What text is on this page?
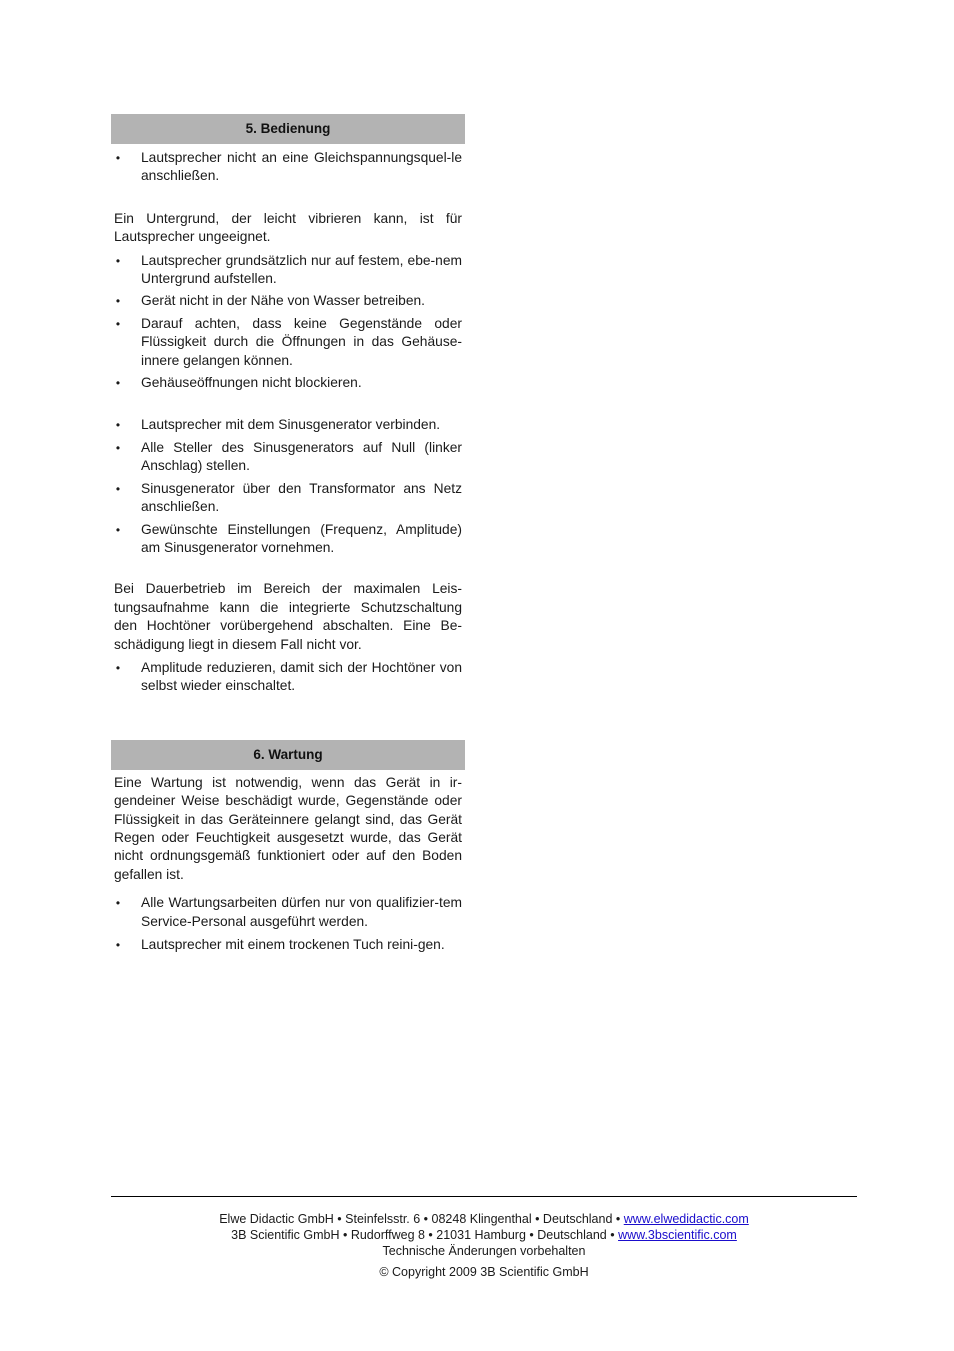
5. Bedienung
• Lautsprecher nicht an eine Gleichspannungsquel-le anschließen.

Ein Untergrund, der leicht vibrieren kann, ist für Lautsprecher ungeeignet.

• Lautsprecher grundsätzlich nur auf festem, ebe-nem Untergrund aufstellen.
• Gerät nicht in der Nähe von Wasser betreiben.
• Darauf achten, dass keine Gegenstände oder Flüssigkeit durch die Öffnungen in das Gehäuse-innere gelangen können.
• Gehäuseöffnungen nicht blockieren.
• Lautsprecher mit dem Sinusgenerator verbinden.
• Alle Steller des Sinusgenerators auf Null (linker Anschlag) stellen.
• Sinusgenerator über den Transformator ans Netz anschließen.
• Gewünschte Einstellungen (Frequenz, Amplitude) am Sinusgenerator vornehmen.

Bei Dauerbetrieb im Bereich der maximalen Leis-tungsaufnahme kann die integrierte Schutzschaltung den Hochtöner vorübergehend abschalten. Eine Be-schädigung liegt in diesem Fall nicht vor.

• Amplitude reduzieren, damit sich der Hochtöner von selbst wieder einschaltet.
6. Wartung

Eine Wartung ist notwendig, wenn das Gerät in ir-gendeiner Weise beschädigt wurde, Gegenstände oder Flüssigkeit in das Geräteinnere gelangt sind, das Gerät Regen oder Feuchtigkeit ausgesetzt wurde, das Gerät nicht ordnungsgemäß funktioniert oder auf den Boden gefallen ist.

• Alle Wartungsarbeiten dürfen nur von qualifizier-tem Service-Personal ausgeführt werden.
• Lautsprecher mit einem trockenen Tuch reini-gen.
Elwe Didactic GmbH • Steinfelsstr. 6 • 08248 Klingenthal • Deutschland • www.elwedidactic.com
3B Scientific GmbH • Rudorffweg 8 • 21031 Hamburg • Deutschland • www.3bscientific.com
Technische Änderungen vorbehalten
© Copyright 2009 3B Scientific GmbH
